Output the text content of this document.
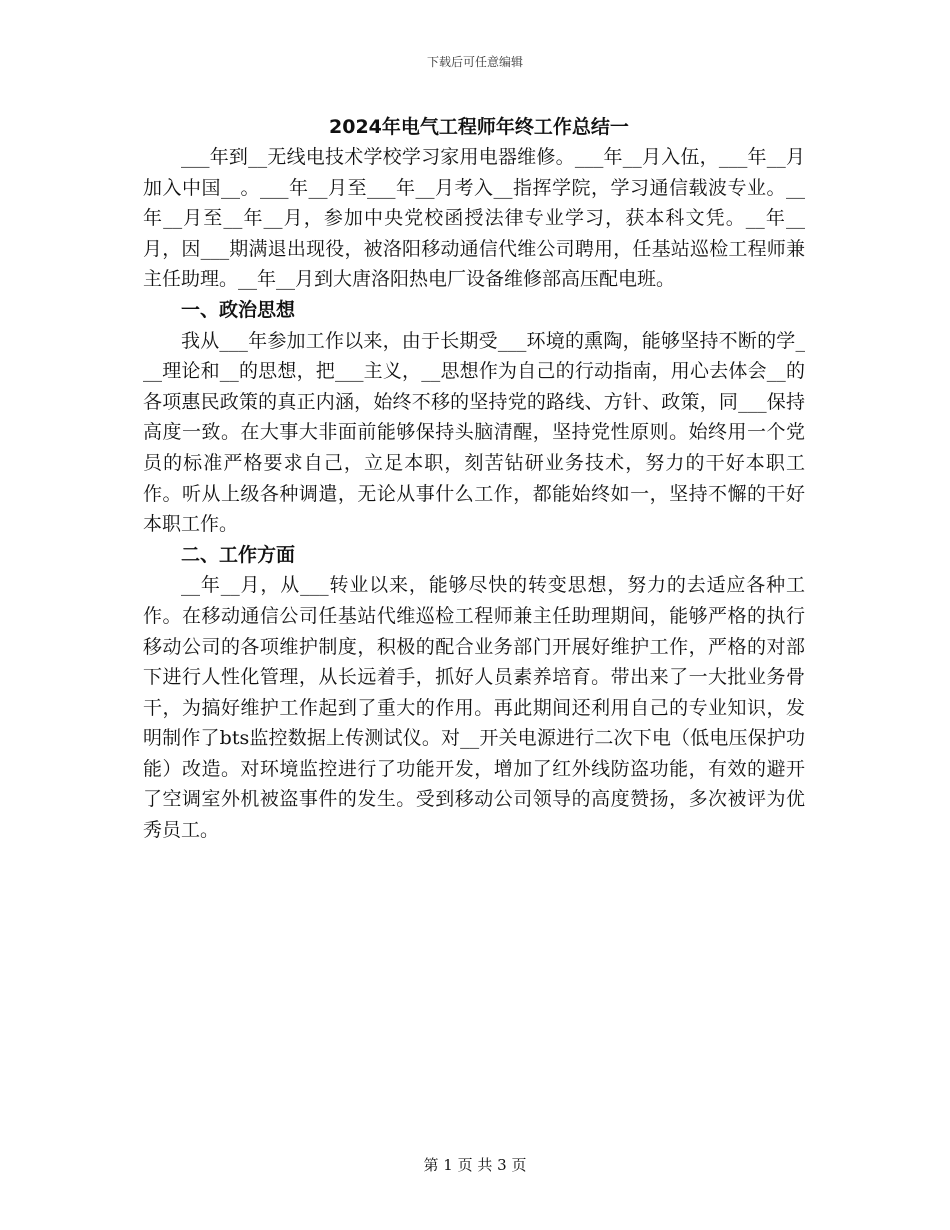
下载后可任意编辑
2024年电气工程师年终工作总结一

___年到__无线电技术学校学习家用电器维修。___年__月入伍，___年__月加入中国__。___年__月至___年__月考入__指挥学院，学习通信载波专业。__年__月至__年__月，参加中央党校函授法律专业学习，获本科文凭。__年__月，因___期满退出现役，被洛阳移动通信代维公司聘用，任基站巡检工程师兼主任助理。__年__月到大唐洛阳热电厂设备维修部高压配电班。

一、政治思想

我从___年参加工作以来，由于长期受___环境的熏陶，能够坚持不断的学___理论和__的思想，把___主义，__思想作为自己的行动指南，用心去体会__的各项惠民政策的真正内涵，始终不移的坚持党的路线、方针、政策，同___保持高度一致。在大事大非面前能够保持头脑清醒，坚持党性原则。始终用一个党员的标准严格要求自己，立足本职，刻苦钻研业务技术，努力的干好本职工作。听从上级各种调遣，无论从事什么工作，都能始终如一，坚持不懈的干好本职工作。

二、工作方面

__年__月，从___转业以来，能够尽快的转变思想，努力的去适应各种工作。在移动通信公司任基站代维巡检工程师兼主任助理期间，能够严格的执行移动公司的各项维护制度，积极的配合业务部门开展好维护工作，严格的对部下进行人性化管理，从长远着手，抓好人员素养培育。带出来了一大批业务骨干，为搞好维护工作起到了重大的作用。再此期间还利用自己的专业知识，发明制作了bts监控数据上传测试仪。对__开关电源进行二次下电（低电压保护功能）改造。对环境监控进行了功能开发，增加了红外线防盗功能，有效的避开了空调室外机被盗事件的发生。受到移动公司领导的高度赞扬，多次被评为优秀员工。

第 1 页 共 3 页
